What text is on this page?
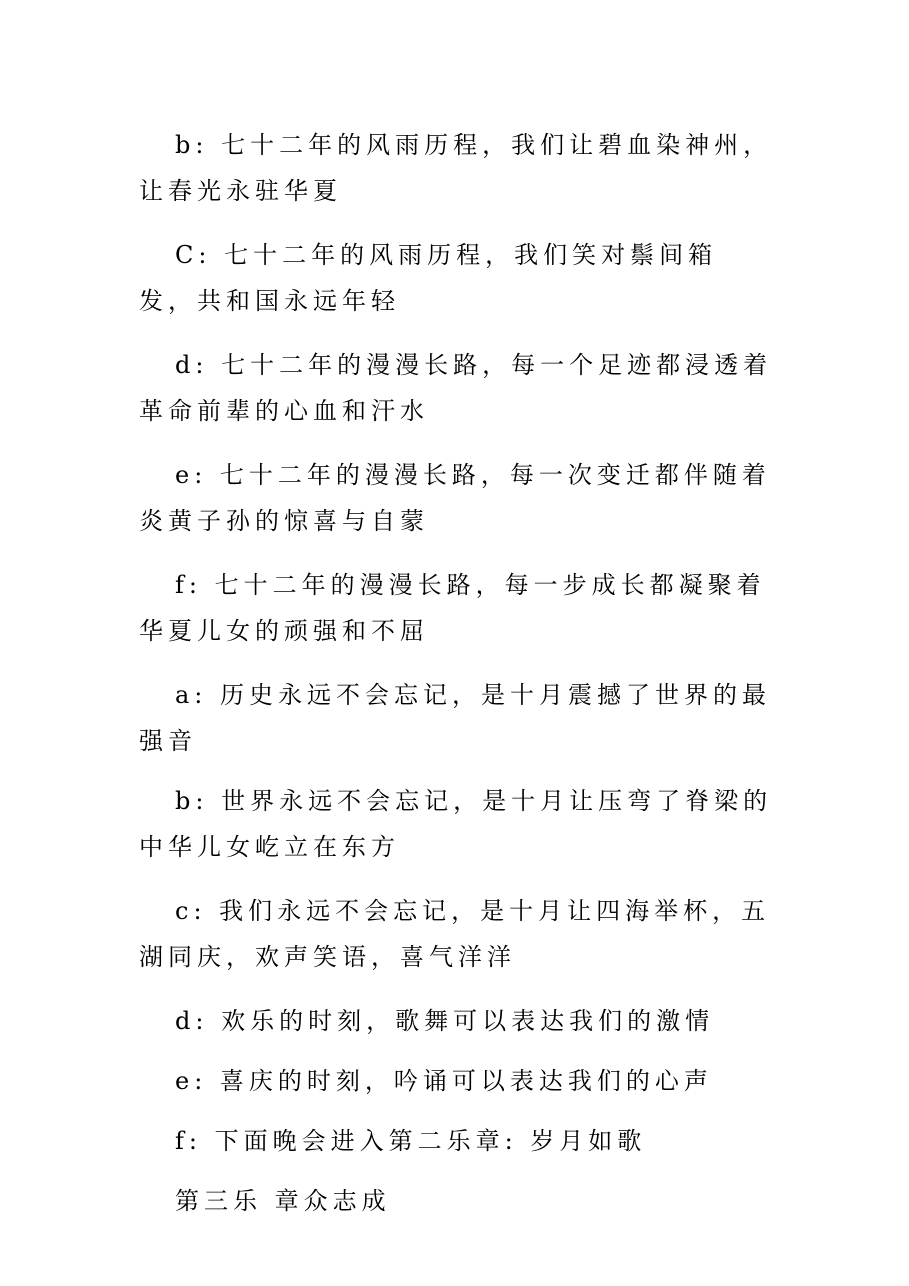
b: 七十二年的风雨历程，我们让碧血染神州，让春光永驻华夏

C: 七十二年的风雨历程，我们笑对鬃间箱发，共和国永远年轻

d: 七十二年的漫漫长路，每一个足迹都浸透着革命前辈的心血和汗水

e: 七十二年的漫漫长路，每一次变迁都伴随着炎黄子孙的惊喜与自蒙

f: 七十二年的漫漫长路，每一步成长都凝聚着华夏儿女的顽强和不屈

a: 历史永远不会忘记，是十月震撼了世界的最强音

b: 世界永远不会忘记，是十月让压弯了脊梁的中华儿女屹立在东方

c: 我们永远不会忘记，是十月让四海举杯，五湖同庆，欢声笑语，喜气洋洋

d: 欢乐的时刻，歌舞可以表达我们的激情

e: 喜庆的时刻，吟诵可以表达我们的心声

f: 下面晚会进入第二乐章: 岁月如歌

第三乐 章众志成
